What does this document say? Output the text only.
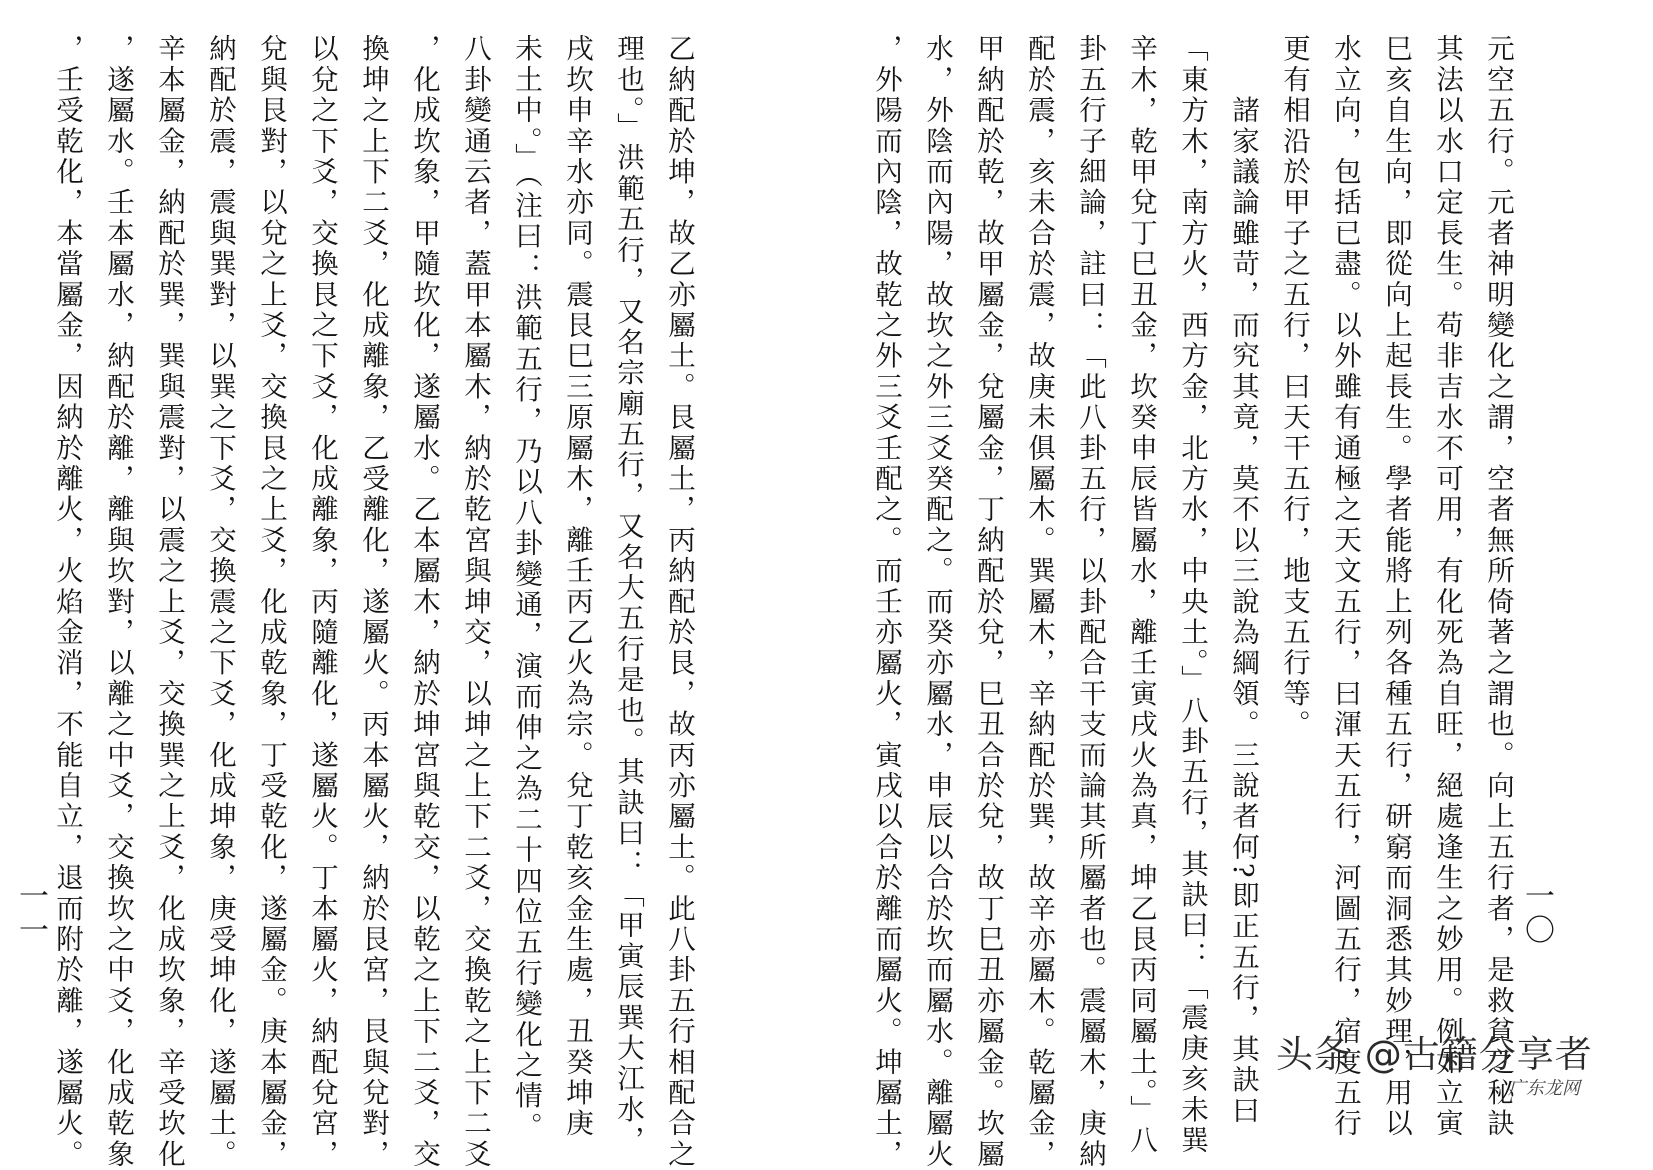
乙納配於坤，故乙亦屬土。艮屬土，丙納配於艮，故丙亦屬土。此八卦五行相配合之
理也。」洪範五行，又名宗廟五行，又名大五行是也。其訣曰：「甲寅辰巽大江水，
戌坎申辛水亦同。震艮巳三原屬木，離壬丙乙火為宗。兌丁乾亥金生處，丑癸坤庚
未土中。」（注曰：洪範五行，乃以八卦變通，演而伸之為二十四位五行變化之情。
八卦變通云者，蓋甲本屬木，納於乾宮與坤交，以坤之上下二爻，交換乾之上下二爻
，化成坎象，甲隨坎化，遂屬水。乙本屬木，納於坤宮與乾交，以乾之上下二爻，交
換坤之上下二爻，化成離象，乙受離化，遂屬火。丙本屬火，納於艮宮，艮與兌對，
以兌之下爻，交換艮之下爻，化成離象，丙隨離化，遂屬火。丁本屬火，納配兌宮，
兌與艮對，以兌之上爻，交換艮之上爻，化成乾象，丁受乾化，遂屬金。庚本屬金，
納配於震，震與巽對，以巽之下爻，交換震之下爻，化成坤象，庚受坤化，遂屬土。
辛本屬金，納配於巽，巽與震對，以震之上爻，交換巽之上爻，化成坎象，辛受坎化
，遂屬水。壬本屬水，納配於離，離與坎對，以離之中爻，交換坎之中爻，化成乾象
，壬受乾化，本當屬金，因納於離火，火焰金消，不能自立，退而附於離，遂屬火。
一一	元空五行。元者神明變化之謂，空者無所倚著之謂也。向上五行者，是救貧之秘訣
其法以水口定長生。苟非吉水不可用，有化死為自旺，絕處逢生之妙用。例如立寅
巳亥自生向，即從向上起長生。學者能將上列各種五行，研窮而洞悉其妙理，用以
水立向，包括已盡。以外雖有通極之天文五行，曰渾天五行，河圖五行，宿度五行
更有相沿於甲子之五行，曰天干五行，地支五行等。
　　諸家議論雖苛，而究其竟，莫不以三說為綱領。三說者何?即正五行，其訣曰
「東方木，南方火，西方金，北方水，中央土。」八卦五行，其訣曰：「震庚亥未巽
辛木，乾甲兌丁巳丑金，坎癸申辰皆屬水，離壬寅戌火為真，坤乙艮丙同屬土。」八
卦五行子細論，註曰：「此八卦五行，以卦配合干支而論其所屬者也。震屬木，庚納
配於震，亥未合於震，故庚未俱屬木。巽屬木，辛納配於巽，故辛亦屬木。乾屬金，
甲納配於乾，故甲屬金，兌屬金，丁納配於兌，巳丑合於兌，故丁巳丑亦屬金。坎屬
水，外陰而內陽，故坎之外三爻癸配之。而癸亦屬水，申辰以合於坎而屬水。離屬火
，外陽而內陰，故乾之外三爻壬配之。而壬亦屬火，寅戌以合於離而屬火。坤屬土，	一〇
头条 @古籍分享者
广东龙网
